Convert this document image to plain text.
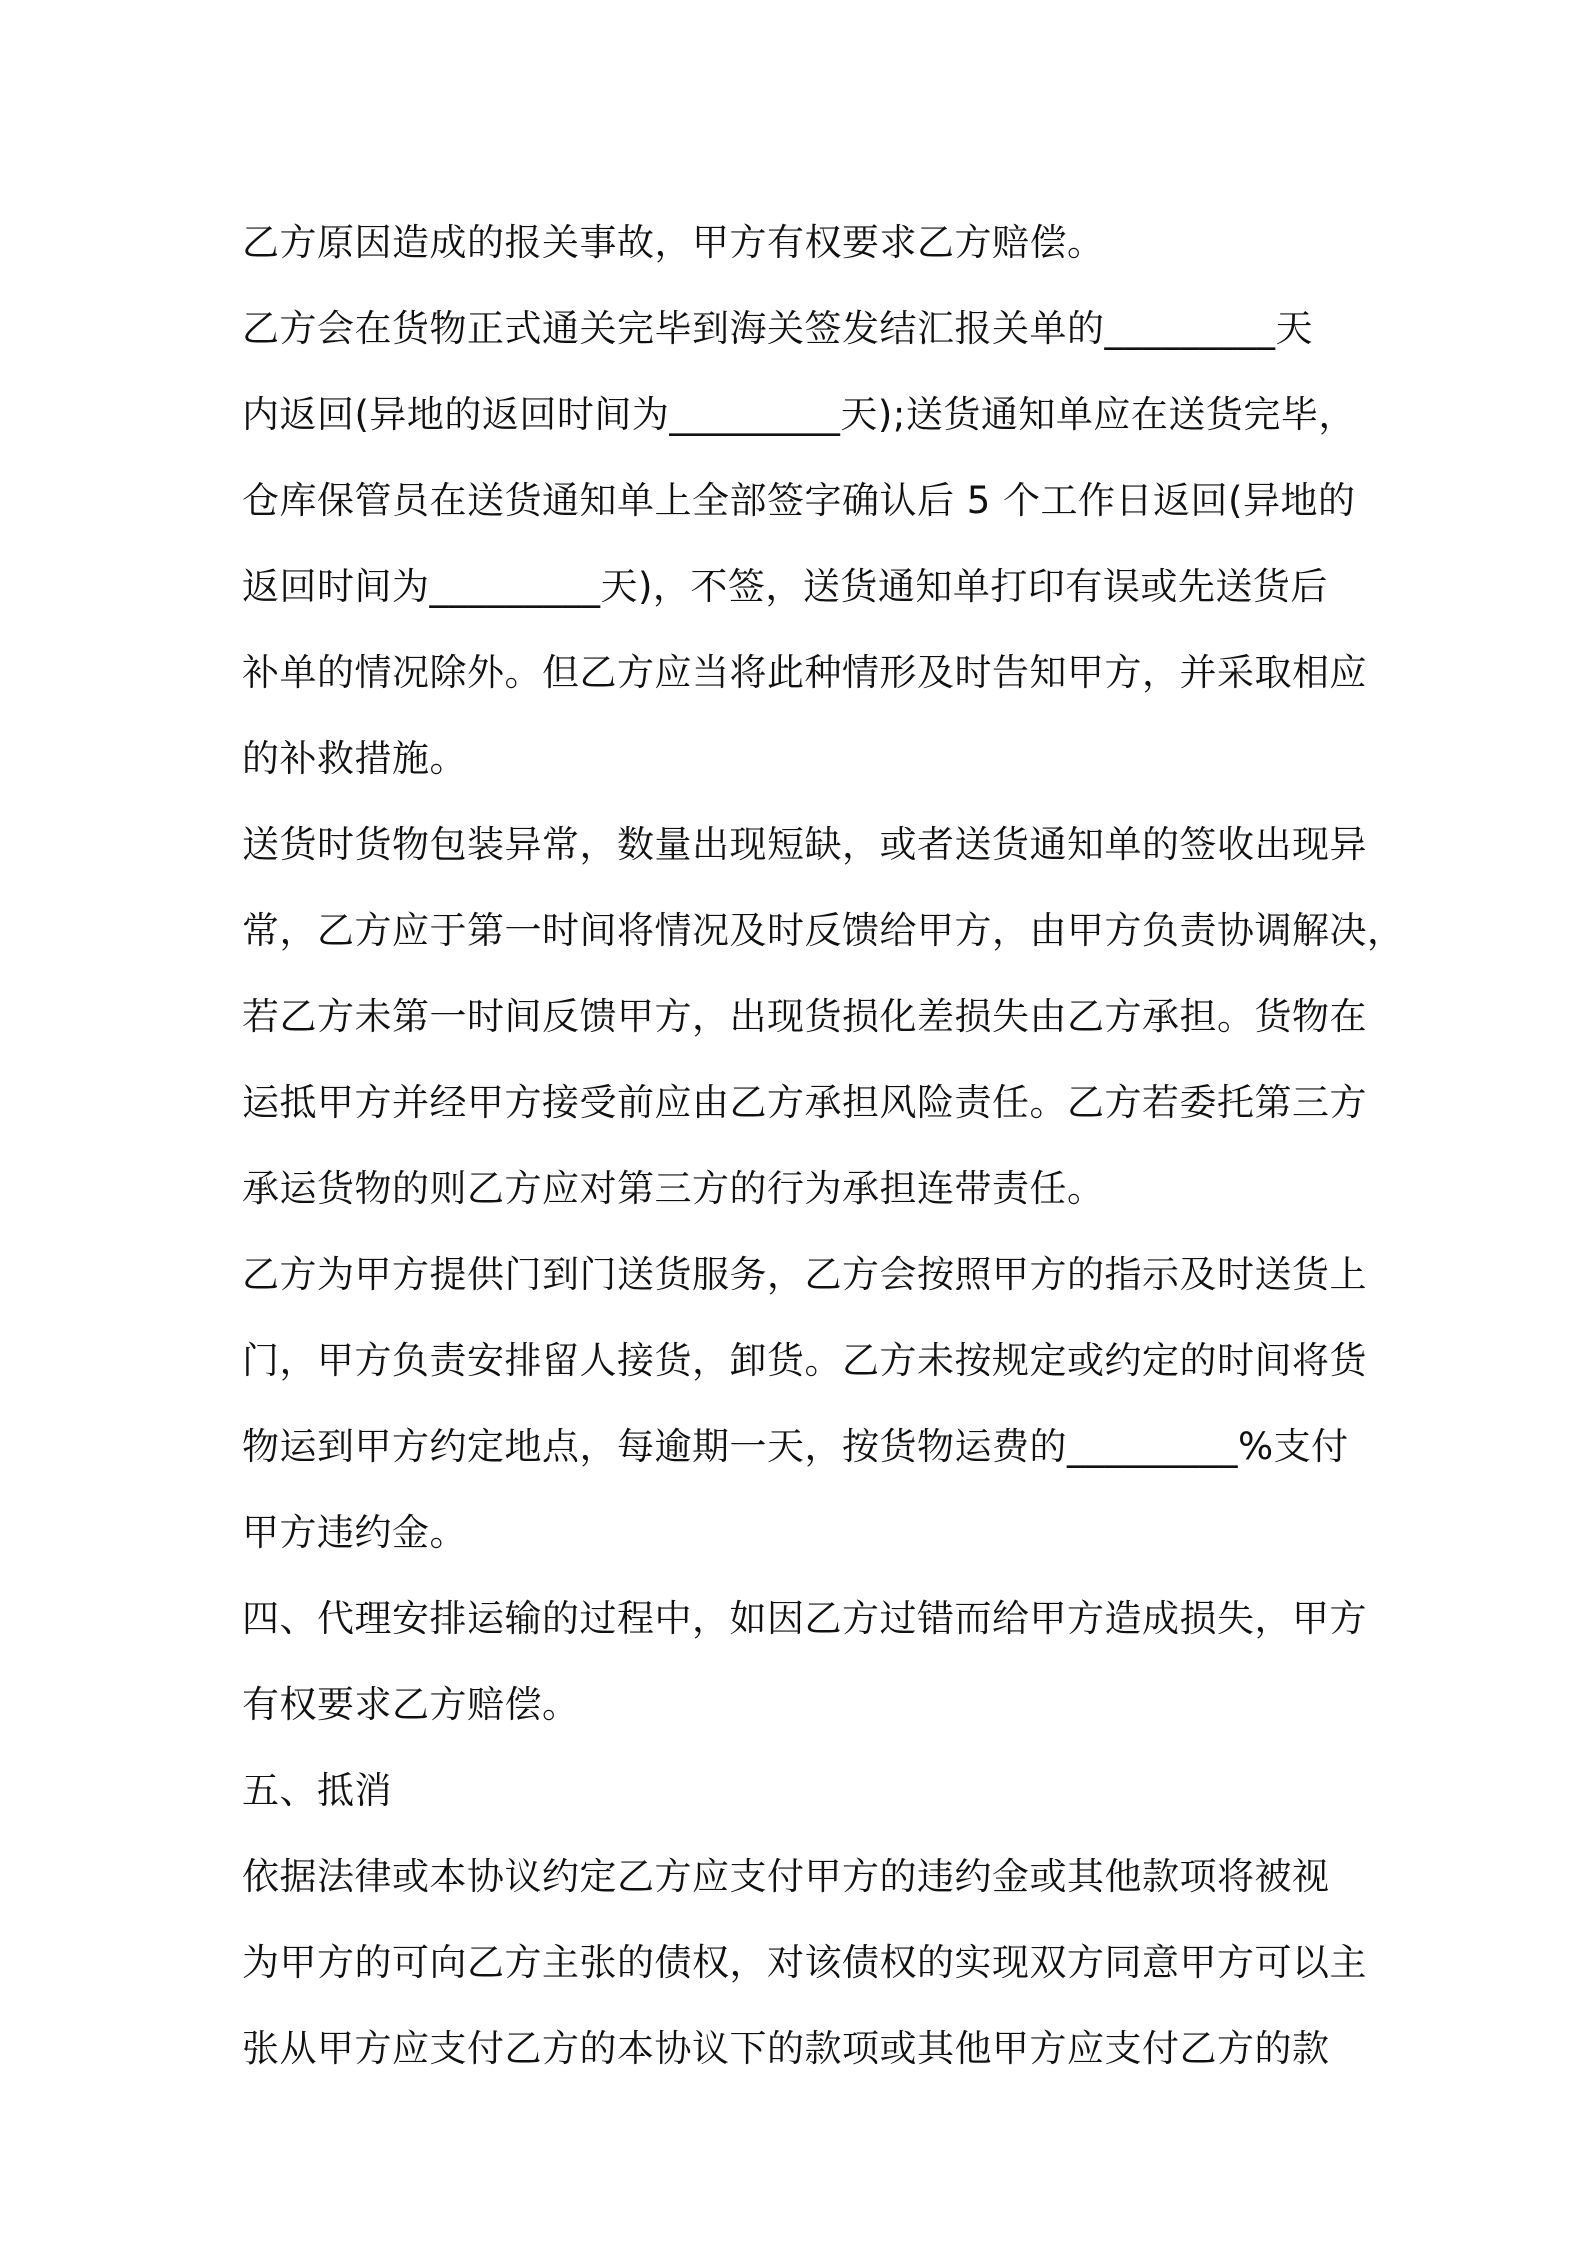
乙方原因造成的报关事故，甲方有权要求乙方赔偿。
乙方会在货物正式通关完毕到海关签发结汇报关单的_________天
内返回(异地的返回时间为_________天);送货通知单应在送货完毕，
仓库保管员在送货通知单上全部签字确认后 5 个工作日返回(异地的
返回时间为_________天)，不签，送货通知单打印有误或先送货后
补单的情况除外。但乙方应当将此种情形及时告知甲方，并采取相应
的补救措施。
送货时货物包装异常，数量出现短缺，或者送货通知单的签收出现异
常，乙方应于第一时间将情况及时反馈给甲方，由甲方负责协调解决，
若乙方未第一时间反馈甲方，出现货损化差损失由乙方承担。货物在
运抵甲方并经甲方接受前应由乙方承担风险责任。乙方若委托第三方
承运货物的则乙方应对第三方的行为承担连带责任。
乙方为甲方提供门到门送货服务，乙方会按照甲方的指示及时送货上
门，甲方负责安排留人接货，卸货。乙方未按规定或约定的时间将货
物运到甲方约定地点，每逾期一天，按货物运费的_________%支付
甲方违约金。
四、代理安排运输的过程中，如因乙方过错而给甲方造成损失，甲方
有权要求乙方赔偿。
五、抵消
依据法律或本协议约定乙方应支付甲方的违约金或其他款项将被视
为甲方的可向乙方主张的债权，对该债权的实现双方同意甲方可以主
张从甲方应支付乙方的本协议下的款项或其他甲方应支付乙方的款
